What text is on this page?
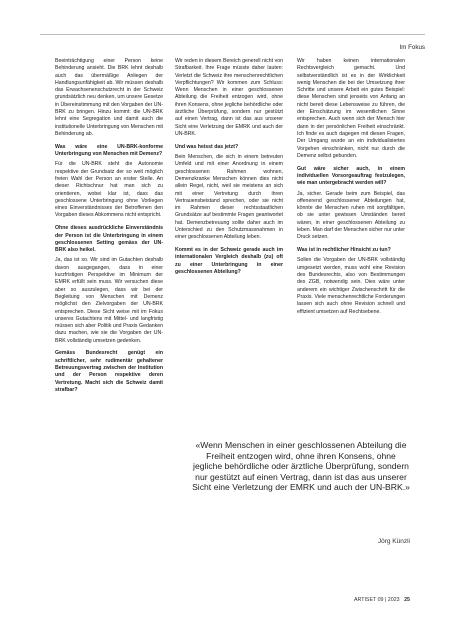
Im Fokus

Beeinträchtigung einer Person keine Behinderung ansieht. Die BRK lehnt deshalb auch das übermäßige Anliegen der Handlungsunfähigkeit ab. Wir müssen deshalb das Erwachsenenschutzrecht in der Schweiz grundsätzlich neu denken, um unsere Gesetze in Übereinstimmung mit den Vorgaben der UN-BRK zu bringen. Hinzu kommt: die UN-BRK lehnt eine Segregation und damit auch die institutionelle Unterbringung von Menschen mit Behinderung ab.

Was wäre eine UN-BRK-konforme Unterbringung von Menschen mit Demenz?

Für die UN-BRK steht die Autonomie respektive der Grundsatz der so weit möglich freien Wahl der Person an erster Stelle. An dieser Richtschnur hat man sich zu orientieren, wobei klar ist, dass das geschlossene Unterbringung ohne Vorliegen eines Einverständnisses der Betroffenen den Vorgaben dieses Abkommens nicht entspricht.

Ohne dieses ausdrückliche Einverständnis der Person ist die Unterbringung in einem geschlossenen Setting gemäss der UN-BRK also heikel.

Ja, das ist so. Wir sind im Gutachten deshalb davon ausgegangen, dass in einer kurzfristigen Perspektive im Minimum der EMRK erfüllt sein muss. Wir versuchen diese aber so auszulegen, dass wir bei der Begleitung von Menschen mit Demenz möglichst den Zielvorgaben der UN-BRK entsprechen. Diese Sicht weise mit im Fokus unseres Gutachtens mit Mittel- und langfristig müssen sich aber Politik und Praxis Gedanken dazu machen, wie sie die Vorgaben der UN-BRK vollständig umsetzen gedenken.

Gemäss Bundesrecht genügt ein schriftlicher, sehr rudimentär gehaltener Betreuungsvertrag zwischen der Institution und der Person respektive deren Vertretung. Macht sich die Schweiz damit strafbar?

Wir reden in diesem Bereich generell nicht von Strafbarkeit. Ihre Frage müsste daher lauten: Verletzt die Schweiz ihre menschenrechtlichen Verpflichtungen? Wir kommen zum Schluss: Wenn Menschen in einer geschlossenen Abteilung die Freiheit entzogen wird, ohne ihren Konsens, ohne jegliche behördliche oder ärztliche Überprüfung, sondern nur gestützt auf einen Vertrag, dann ist das aus unserer Sicht eine Verletzung der EMRK und auch der UN-BRK.

Und was heisst das jetzt?

Bein Menschen, die sich in einem betreuten Umfeld und mit einer Anordnung in einem geschlossenen Rahmen wohnen, Demenzkranke Menschen können dies nicht allein Regel, nicht, weil sie meistens an sich mit einer Vertretung durch ihren Vertrauensbeistand sprechen, oder sie nicht im Rahmen dieser rechtsstaatlichen Grundsätze auf bestimmte Fragen geantwortet hat. Demenzbetreuung sollte daher auch im Unterschied zu den Schutzmassnahmen in einer geschlossenen Abteilung leben.

Kommt es in der Schweiz gerade auch im internationalen Vergleich deshalb (zu) oft zu einer Unterbringung in einer geschlossenen Abteilung?

Wir haben keinen internationalen Rechtsvergleich gemacht. Und selbstverständlich ist es in der Wirklichkeit wenig Menschen die bei der Umsetzung ihrer Schritte und unsere Arbeit ein gutes Beispiel: diese Menschen sind jenseits von Anfang an nicht bereit diese Lebensweise zu führen, die der Einschätzung im wesentlichen Sinne entsprechen. Auch wenn sich der Mensch hier dann in der persönlichen Freiheit einschränkt. Ich finde es auch dagegen mit diesen Fragen, Der Umgang wurde an ein individualisiertes Vorgehen einschränken, nicht nur durch die Demenz selbst gebunden.

Gut wäre sicher auch, in einem individuellen Vorsorgeauftrag festzulegen, wie man untergebracht werden will?

Ja, sicher. Gerade beim zum Beispiel, das offenerend geschlossener Abteilungen hat, könnte die Menschen ruhen mit sorgfältigen, ob sie unter gewissen Umständen bereit wären, in einer geschlossenen Abteilung zu leben. Man darf der Menschen sicher nur unter Druck setzen.

Was ist in rechtlicher Hinsicht zu tun?

Sollen die Vorgaben der UN-BRK vollständig umgesetzt werden, muss wohl eine Revision des Bundesrechts, also von Bestimmungen des ZGB, notwendig sein. Dies wäre unter anderem ein wichtiger Zwischenschritt für die Praxis. Viele menschenrechtliche Forderungen lassen sich auch ohne Revision schnell und effizient umsetzen auf Rechtsebene.

«Wenn Menschen in einer geschlossenen Abteilung die Freiheit entzogen wird, ohne ihren Konsens, ohne jegliche behördliche oder ärztliche Überprüfung, sondern nur gestützt auf einen Vertrag, dann ist das aus unserer Sicht eine Verletzung der EMRK und auch der UN-BRK.»
Jörg Künzli
ARTISET 09 | 2023 25
